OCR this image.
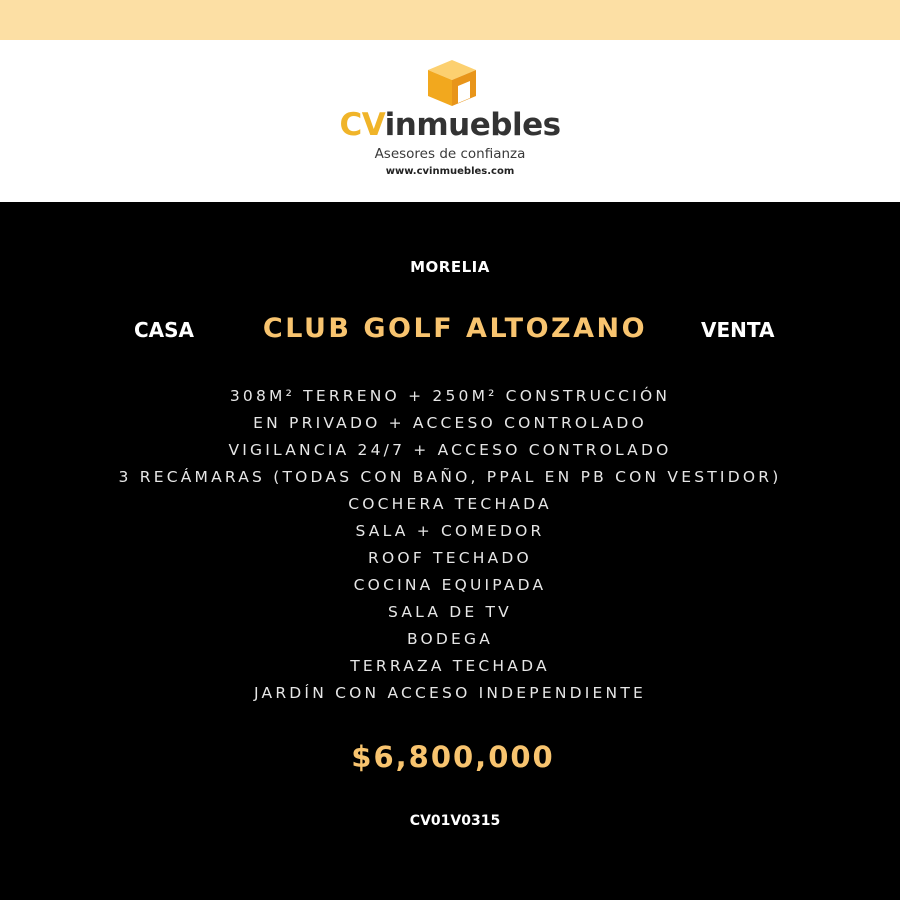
CVinmuebles
Asesores de confianza
www.cvinmuebles.com
MORELIA
CASA	CLUB GOLF ALTOZANO	VENTA
308M² TERRENO + 250M² CONSTRUCCIÓN
EN PRIVADO + ACCESO CONTROLADO
VIGILANCIA 24/7 + ACCESO CONTROLADO
3 RECÁMARAS (TODAS CON BAÑO, PPAL EN PB CON VESTIDOR)
COCHERA TECHADA
SALA + COMEDOR
ROOF TECHADO
COCINA EQUIPADA
SALA DE TV
BODEGA
TERRAZA TECHADA
JARDÍN CON ACCESO INDEPENDIENTE
$6,800,000
CV01V0315
